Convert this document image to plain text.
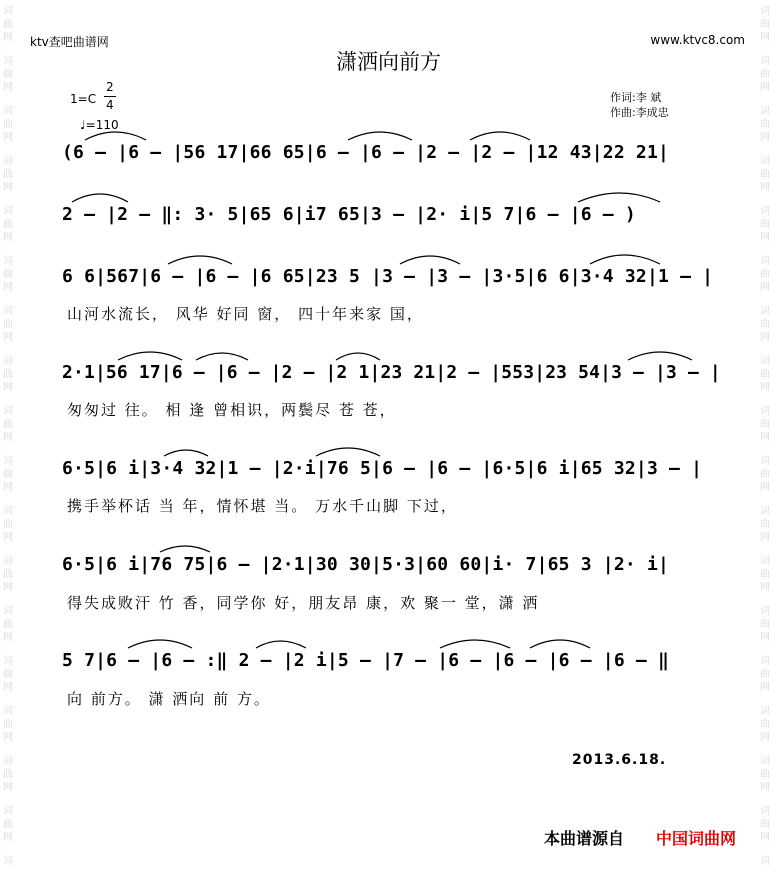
词
曲
网
词
曲
网
词
曲
网
词
曲
网
词
曲
网
词
曲
网
词
曲
网
词
曲
网
词
曲
网
词
曲
网
词
曲
网
词
曲
网
词
曲
网
词
曲
网
词
曲
网
词
曲
网
词
曲
网
词
词
曲
网
词
曲
网
词
曲
网
词
曲
网
词
曲
网
词
曲
网
词
曲
网
词
曲
网
词
曲
网
词
曲
网
词
曲
网
词
曲
网
词
曲
网
词
曲
网
词
曲
网
词
曲
网
词
曲
网
词
ktv查吧曲谱网	www.ktvc8.com
潇洒向前方
1=C
2
4
♩=110
作词:李 斌
作曲:李成忠
(6 – |6 – |56 17|66 65|6 – |6 – |2 – |2 – |12 43|22 21|
2 – |2 – ‖: 3· 5|65 6|i7 65|3 – |2· i|5 7|6 – |6 – )
6 6|567|6 – |6 – |6 65|23 5 |3 – |3 – |3·5|6 6|3·4 32|1 – |
山河水流长， 风华 好同 窗， 四十年来家 国，
2·1|56 17|6 – |6 – |2 – |2 1|23 21|2 – |553|23 54|3 – |3 – |
匆匆过 往。 相 逢 曾相识，两鬓尽 苍 苍，
6·5|6 i|3·4 32|1 – |2·i|76 5|6 – |6 – |6·5|6 i|65 32|3 – |
携手举杯话 当 年，情怀堪 当。 万水千山脚 下过，
6·5|6 i|76 75|6 – |2·1|30 30|5·3|60 60|i· 7|65 3 |2· i|
得失成败汗 竹 香，同学你 好，朋友昂 康，欢 聚一 堂，潇 洒
5 7|6 – |6 – :‖ 2 – |2 i|5 – |7 – |6 – |6 – |6 – |6 – ‖
向 前方。 潇 洒向 前 方。
2013.6.18.
本曲谱源自 中国词曲网
